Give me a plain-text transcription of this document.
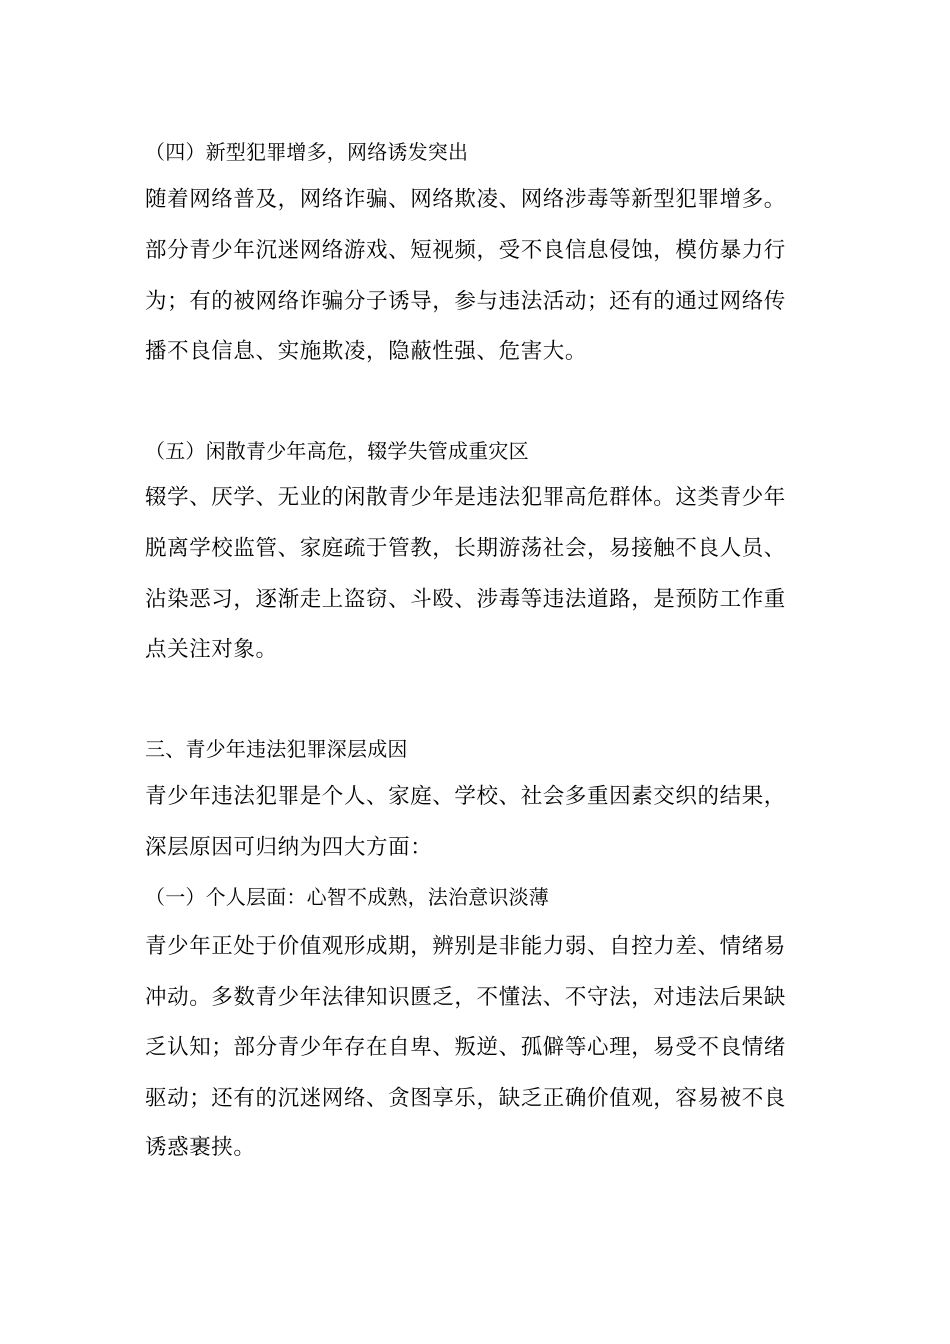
（四）新型犯罪增多，网络诱发突出
随着网络普及，网络诈骗、网络欺凌、网络涉毒等新型犯罪增多。
部分青少年沉迷网络游戏、短视频，受不良信息侵蚀，模仿暴力行
为；有的被网络诈骗分子诱导，参与违法活动；还有的通过网络传
播不良信息、实施欺凌，隐蔽性强、危害大。
（五）闲散青少年高危，辍学失管成重灾区
辍学、厌学、无业的闲散青少年是违法犯罪高危群体。这类青少年
脱离学校监管、家庭疏于管教，长期游荡社会，易接触不良人员、
沾染恶习，逐渐走上盗窃、斗殴、涉毒等违法道路，是预防工作重
点关注对象。
三、青少年违法犯罪深层成因
青少年违法犯罪是个人、家庭、学校、社会多重因素交织的结果，
深层原因可归纳为四大方面：
（一）个人层面：心智不成熟，法治意识淡薄
青少年正处于价值观形成期，辨别是非能力弱、自控力差、情绪易
冲动。多数青少年法律知识匮乏，不懂法、不守法，对违法后果缺
乏认知；部分青少年存在自卑、叛逆、孤僻等心理，易受不良情绪
驱动；还有的沉迷网络、贪图享乐，缺乏正确价值观，容易被不良
诱惑裹挟。
